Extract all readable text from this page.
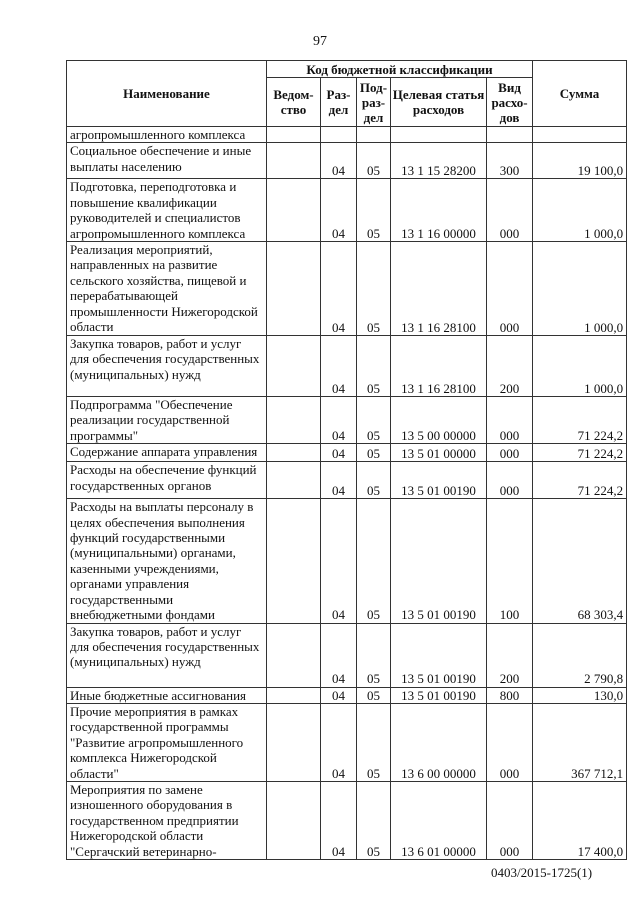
97
Наименование	Код бюджетной классификации					Сумма
	Ведом-ство	Раз-дел	Под-раз-дел	Целевая статья расходов	Вид расхо-дов	
агропромышленного комплекса						
Социальное обеспечение и иные выплаты населению		04	05	13 1 15 28200	300	19 100,0
Подготовка, переподготовка и повышение квалификации руководителей и специалистов агропромышленного комплекса		04	05	13 1 16 00000	000	1 000,0
Реализация мероприятий, направленных на развитие сельского хозяйства, пищевой и перерабатывающей промышленности Нижегородской области		04	05	13 1 16 28100	000	1 000,0
Закупка товаров, работ и услуг для обеспечения государственных (муниципальных) нужд		04	05	13 1 16 28100	200	1 000,0
Подпрограмма "Обеспечение реализации государственной программы"		04	05	13 5 00 00000	000	71 224,2
Содержание аппарата управления		04	05	13 5 01 00000	000	71 224,2
Расходы на обеспечение функций государственных органов		04	05	13 5 01 00190	000	71 224,2
Расходы на выплаты персоналу в целях обеспечения выполнения функций государственными (муниципальными) органами, казенными учреждениями, органами управления государственными внебюджетными фондами		04	05	13 5 01 00190	100	68 303,4
Закупка товаров, работ и услуг для обеспечения государственных (муниципальных) нужд		04	05	13 5 01 00190	200	2 790,8
Иные бюджетные ассигнования		04	05	13 5 01 00190	800	130,0
Прочие мероприятия в рамках государственной программы "Развитие агропромышленного комплекса Нижегородской области"		04	05	13 6 00 00000	000	367 712,1
Мероприятия по замене изношенного оборудования в государственном предприятии Нижегородской области "Сергачский ветеринарно-		04	05	13 6 01 00000	000	17 400,0
0403/2015-1725(1)
